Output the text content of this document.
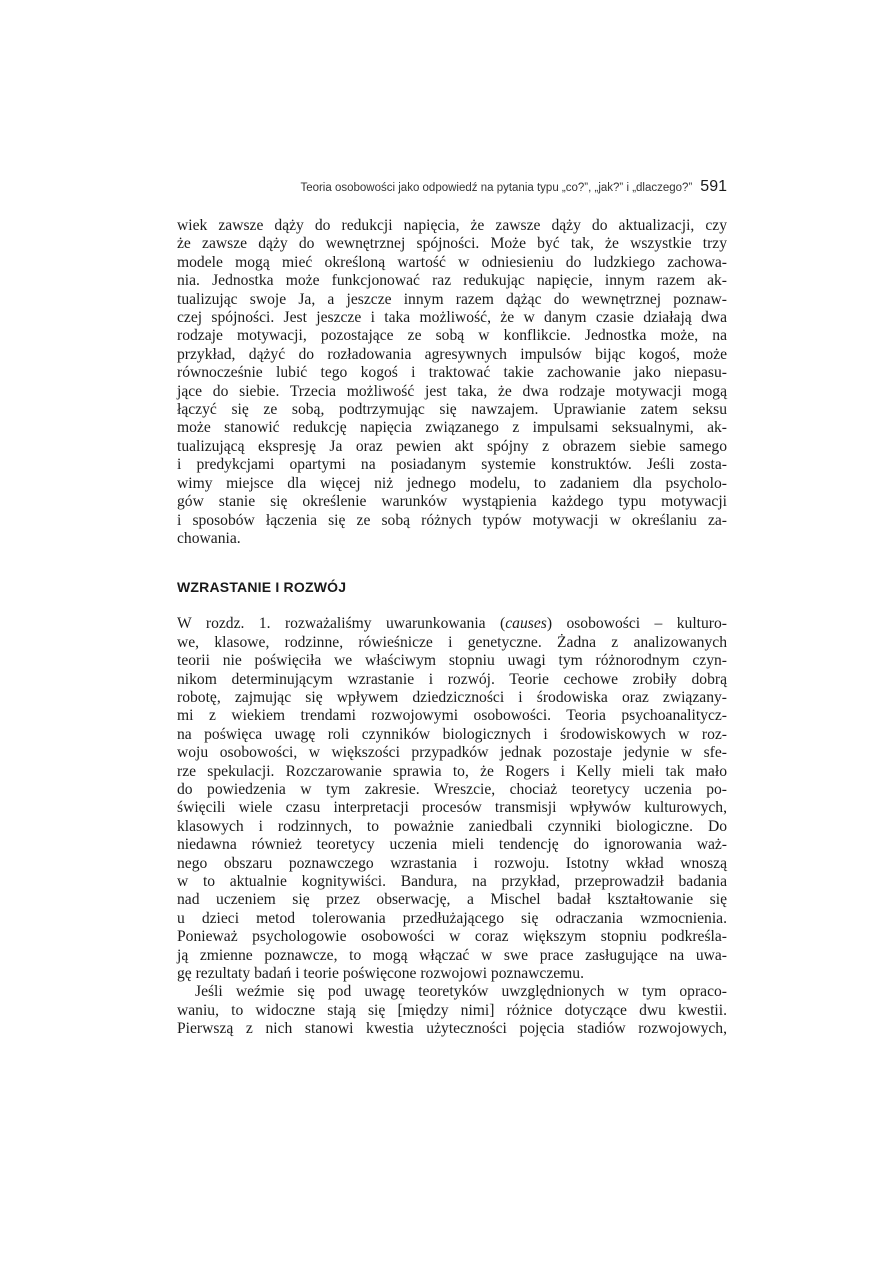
Teoria osobowości jako odpowiedź na pytania typu „co?”, „jak?” i „dlaczego?” 591

wiek zawsze dąży do redukcji napięcia, że zawsze dąży do aktualizacji, czy
że zawsze dąży do wewnętrznej spójności. Może być tak, że wszystkie trzy
modele mogą mieć określoną wartość w odniesieniu do ludzkiego zachowa-
nia. Jednostka może funkcjonować raz redukując napięcie, innym razem ak-
tualizując swoje Ja, a jeszcze innym razem dążąc do wewnętrznej poznaw-
czej spójności. Jest jeszcze i taka możliwość, że w danym czasie działają dwa
rodzaje motywacji, pozostające ze sobą w konflikcie. Jednostka może, na
przykład, dążyć do rozładowania agresywnych impulsów bijąc kogoś, może
równocześnie lubić tego kogoś i traktować takie zachowanie jako niepasu-
jące do siebie. Trzecia możliwość jest taka, że dwa rodzaje motywacji mogą
łączyć się ze sobą, podtrzymując się nawzajem. Uprawianie zatem seksu
może stanowić redukcję napięcia związanego z impulsami seksualnymi, ak-
tualizującą ekspresję Ja oraz pewien akt spójny z obrazem siebie samego
i predykcjami opartymi na posiadanym systemie konstruktów. Jeśli zosta-
wimy miejsce dla więcej niż jednego modelu, to zadaniem dla psycholo-
gów stanie się określenie warunków wystąpienia każdego typu motywacji
i sposobów łączenia się ze sobą różnych typów motywacji w określaniu za-
chowania.

WZRASTANIE I ROZWÓJ

W rozdz. 1. rozważaliśmy uwarunkowania (causes) osobowości – kulturo-
we, klasowe, rodzinne, rówieśnicze i genetyczne. Żadna z analizowanych
teorii nie poświęciła we właściwym stopniu uwagi tym różnorodnym czyn-
nikom determinującym wzrastanie i rozwój. Teorie cechowe zrobiły dobrą
robotę, zajmując się wpływem dziedziczności i środowiska oraz związany-
mi z wiekiem trendami rozwojowymi osobowości. Teoria psychoanalitycz-
na poświęca uwagę roli czynników biologicznych i środowiskowych w roz-
woju osobowości, w większości przypadków jednak pozostaje jedynie w sfe-
rze spekulacji. Rozczarowanie sprawia to, że Rogers i Kelly mieli tak mało
do powiedzenia w tym zakresie. Wreszcie, chociaż teoretycy uczenia po-
święcili wiele czasu interpretacji procesów transmisji wpływów kulturowych,
klasowych i rodzinnych, to poważnie zaniedbali czynniki biologiczne. Do
niedawna również teoretycy uczenia mieli tendencję do ignorowania waż-
nego obszaru poznawczego wzrastania i rozwoju. Istotny wkład wnoszą
w to aktualnie kognitywiści. Bandura, na przykład, przeprowadził badania
nad uczeniem się przez obserwację, a Mischel badał kształtowanie się
u dzieci metod tolerowania przedłużającego się odraczania wzmocnienia.
Ponieważ psychologowie osobowości w coraz większym stopniu podkreśla-
ją zmienne poznawcze, to mogą włączać w swe prace zasługujące na uwa-
gę rezultaty badań i teorie poświęcone rozwojowi poznawczemu.

Jeśli weźmie się pod uwagę teoretyków uwzględnionych w tym opraco-
waniu, to widoczne stają się [między nimi] różnice dotyczące dwu kwestii.
Pierwszą z nich stanowi kwestia użyteczności pojęcia stadiów rozwojowych,
